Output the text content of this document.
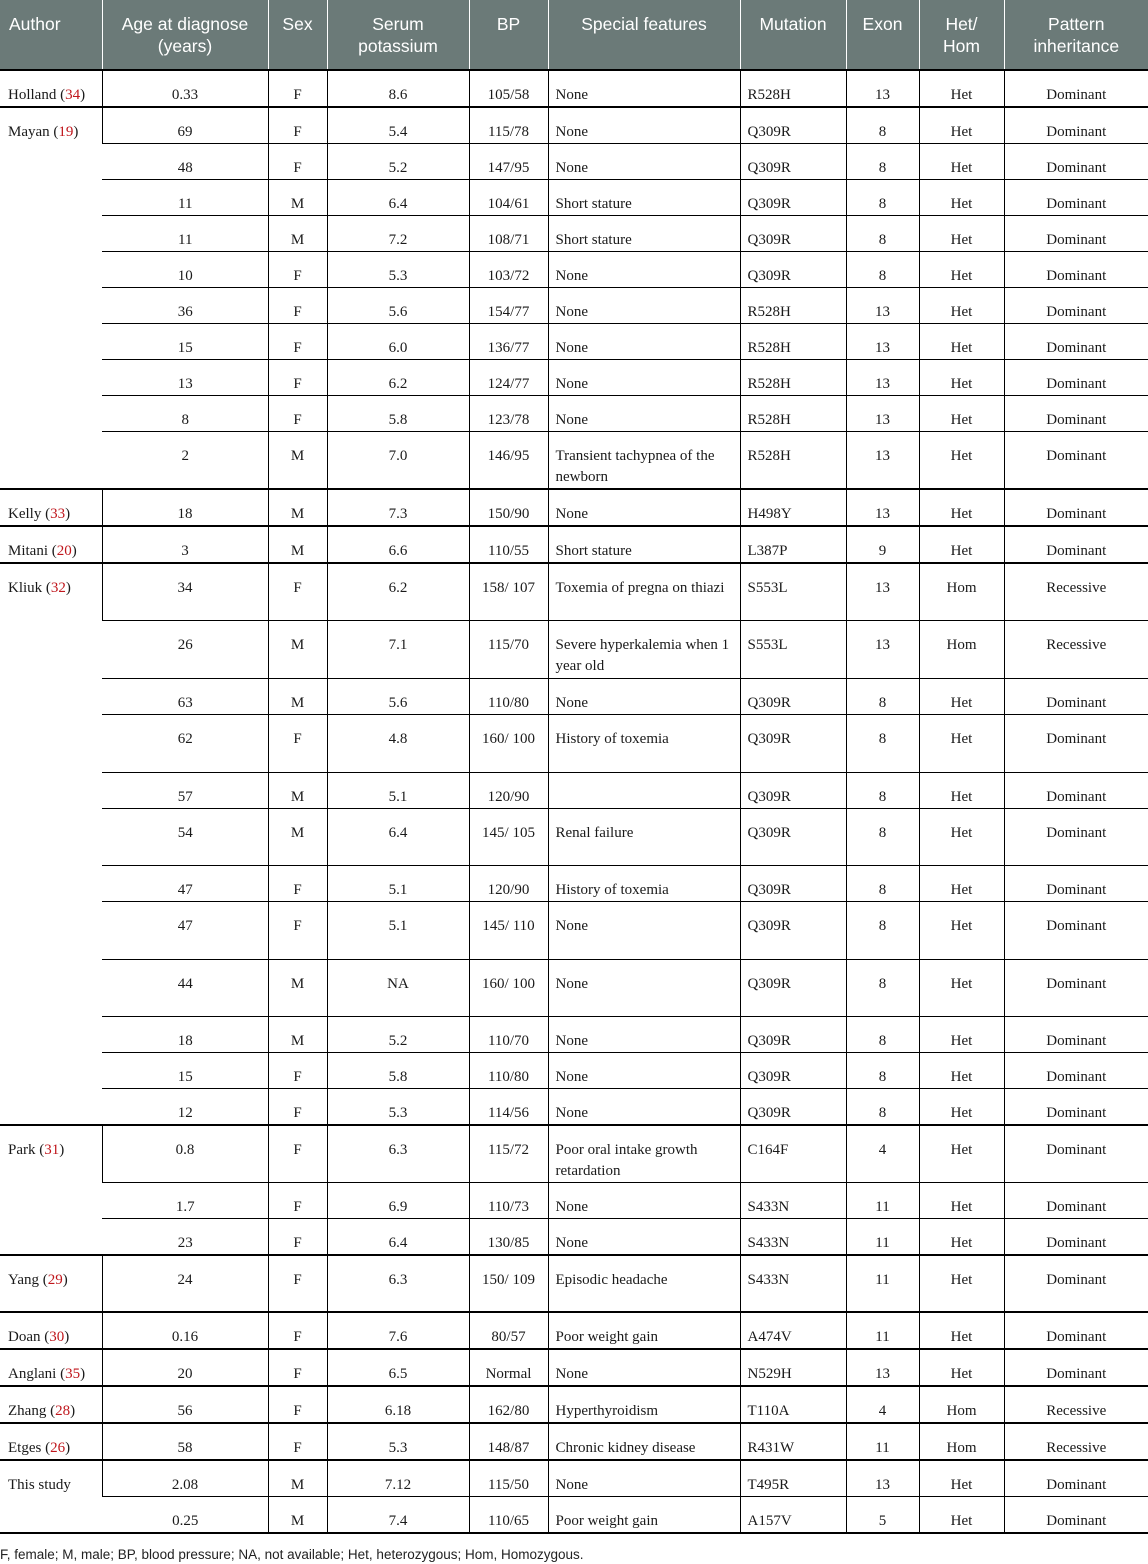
Author	Age at diagnose (years)	Sex	Serum potassium	BP	Special features	Mutation	Exon	Het/ Hom	Pattern inheritance
Holland (34)	0.33	F	8.6	105/58	None	R528H	13	Het	Dominant
Mayan (19)	69	F	5.4	115/78	None	Q309R	8	Het	Dominant
	48	F	5.2	147/95	None	Q309R	8	Het	Dominant
	11	M	6.4	104/61	Short stature	Q309R	8	Het	Dominant
	11	M	7.2	108/71	Short stature	Q309R	8	Het	Dominant
	10	F	5.3	103/72	None	Q309R	8	Het	Dominant
	36	F	5.6	154/77	None	R528H	13	Het	Dominant
	15	F	6.0	136/77	None	R528H	13	Het	Dominant
	13	F	6.2	124/77	None	R528H	13	Het	Dominant
	8	F	5.8	123/78	None	R528H	13	Het	Dominant
	2	M	7.0	146/95	Transient tachypnea of the newborn	R528H	13	Het	Dominant
Kelly (33)	18	M	7.3	150/90	None	H498Y	13	Het	Dominant
Mitani (20)	3	M	6.6	110/55	Short stature	L387P	9	Het	Dominant
Kliuk (32)	34	F	6.2	158/ 107	Toxemia of pregna on thiazi	S553L	13	Hom	Recessive
	26	M	7.1	115/70	Severe hyperkalemia when 1 year old	S553L	13	Hom	Recessive
	63	M	5.6	110/80	None	Q309R	8	Het	Dominant
	62	F	4.8	160/ 100	History of toxemia	Q309R	8	Het	Dominant
	57	M	5.1	120/90		Q309R	8	Het	Dominant
	54	M	6.4	145/ 105	Renal failure	Q309R	8	Het	Dominant
	47	F	5.1	120/90	History of toxemia	Q309R	8	Het	Dominant
	47	F	5.1	145/ 110	None	Q309R	8	Het	Dominant
	44	M	NA	160/ 100	None	Q309R	8	Het	Dominant
	18	M	5.2	110/70	None	Q309R	8	Het	Dominant
	15	F	5.8	110/80	None	Q309R	8	Het	Dominant
	12	F	5.3	114/56	None	Q309R	8	Het	Dominant
Park (31)	0.8	F	6.3	115/72	Poor oral intake growth retardation	C164F	4	Het	Dominant
	1.7	F	6.9	110/73	None	S433N	11	Het	Dominant
	23	F	6.4	130/85	None	S433N	11	Het	Dominant
Yang (29)	24	F	6.3	150/ 109	Episodic headache	S433N	11	Het	Dominant
Doan (30)	0.16	F	7.6	80/57	Poor weight gain	A474V	11	Het	Dominant
Anglani (35)	20	F	6.5	Normal	None	N529H	13	Het	Dominant
Zhang (28)	56	F	6.18	162/80	Hyperthyroidism	T110A	4	Hom	Recessive
Etges (26)	58	F	5.3	148/87	Chronic kidney disease	R431W	11	Hom	Recessive
This study	2.08	M	7.12	115/50	None	T495R	13	Het	Dominant
	0.25	M	7.4	110/65	Poor weight gain	A157V	5	Het	Dominant
F, female; M, male; BP, blood pressure; NA, not available; Het, heterozygous; Hom, Homozygous.
